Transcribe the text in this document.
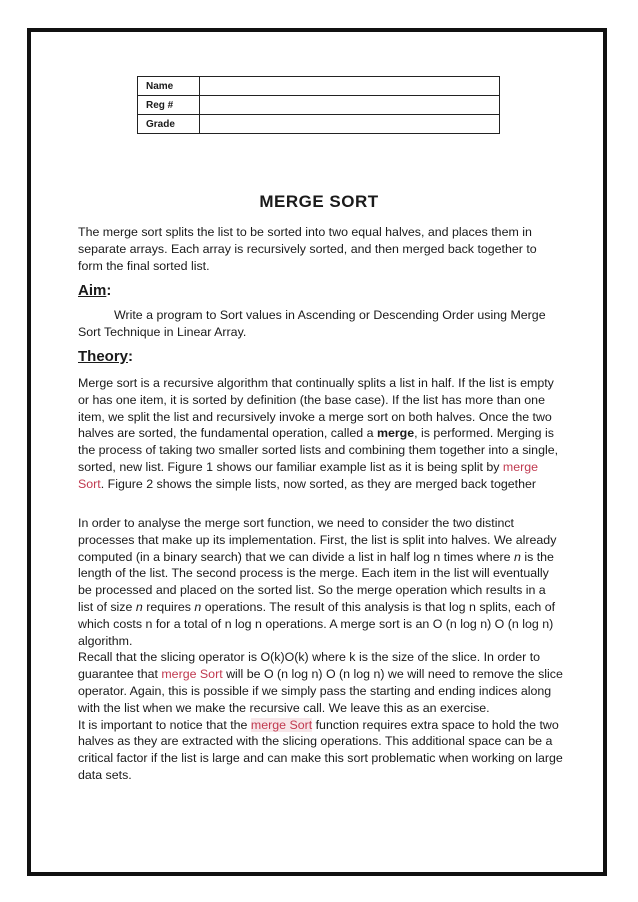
Name	
Reg #	
Grade	
MERGE SORT

The merge sort splits the list to be sorted into two equal halves, and places them in separate arrays. Each array is recursively sorted, and then merged back together to form the final sorted list.

Aim:

Write a program to Sort values in Ascending or Descending Order using Merge Sort Technique in Linear Array.

Theory:

Merge sort is a recursive algorithm that continually splits a list in half. If the list is empty or has one item, it is sorted by definition (the base case). If the list has more than one item, we split the list and recursively invoke a merge sort on both halves. Once the two halves are sorted, the fundamental operation, called a merge, is performed. Merging is the process of taking two smaller sorted lists and combining them together into a single, sorted, new list. Figure 1 shows our familiar example list as it is being split by merge Sort. Figure 2 shows the simple lists, now sorted, as they are merged back together

In order to analyse the merge sort function, we need to consider the two distinct processes that make up its implementation. First, the list is split into halves. We already computed (in a binary search) that we can divide a list in half log n times where n is the length of the list. The second process is the merge. Each item in the list will eventually be processed and placed on the sorted list. So the merge operation which results in a list of size n requires n operations. The result of this analysis is that log n splits, each of which costs n for a total of n log n operations. A merge sort is an O (n log n) O (n log n) algorithm.
Recall that the slicing operator is O(k)O(k) where k is the size of the slice. In order to guarantee that merge Sort will be O (n log n) O (n log n) we will need to remove the slice operator. Again, this is possible if we simply pass the starting and ending indices along with the list when we make the recursive call. We leave this as an exercise.
It is important to notice that the merge Sort function requires extra space to hold the two halves as they are extracted with the slicing operations. This additional space can be a critical factor if the list is large and can make this sort problematic when working on large data sets.
